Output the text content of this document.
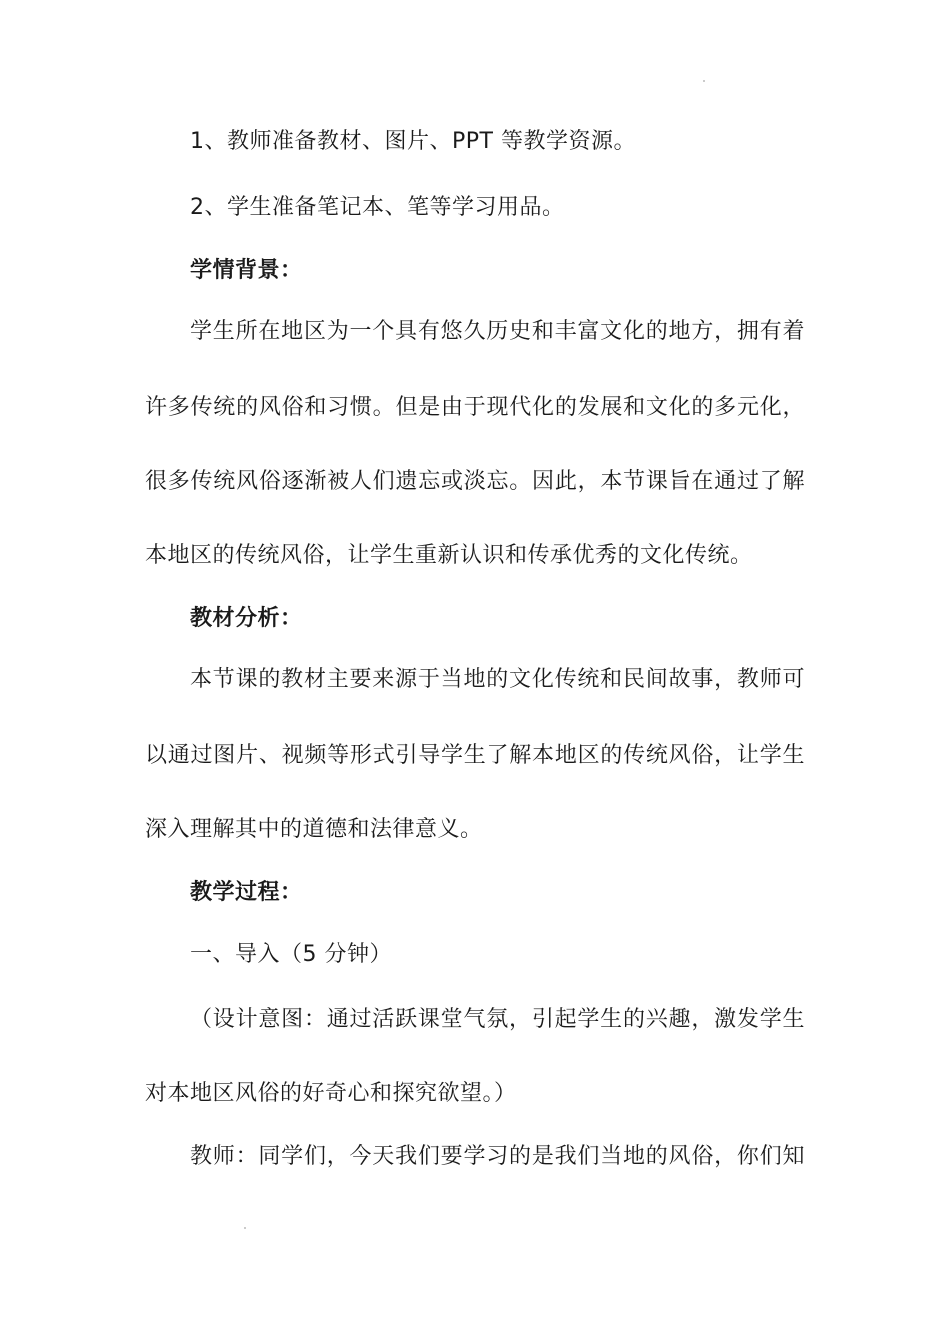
1、教师准备教材、图片、PPT 等教学资源。
2、学生准备笔记本、笔等学习用品。
学情背景：
学生所在地区为一个具有悠久历史和丰富文化的地方，拥有着
许多传统的风俗和习惯。但是由于现代化的发展和文化的多元化，
很多传统风俗逐渐被人们遗忘或淡忘。因此，本节课旨在通过了解
本地区的传统风俗，让学生重新认识和传承优秀的文化传统。
教材分析：
本节课的教材主要来源于当地的文化传统和民间故事，教师可
以通过图片、视频等形式引导学生了解本地区的传统风俗，让学生
深入理解其中的道德和法律意义。
教学过程：
一、导入（5 分钟）
（设计意图：通过活跃课堂气氛，引起学生的兴趣，激发学生
对本地区风俗的好奇心和探究欲望。）
教师：同学们，今天我们要学习的是我们当地的风俗，你们知
